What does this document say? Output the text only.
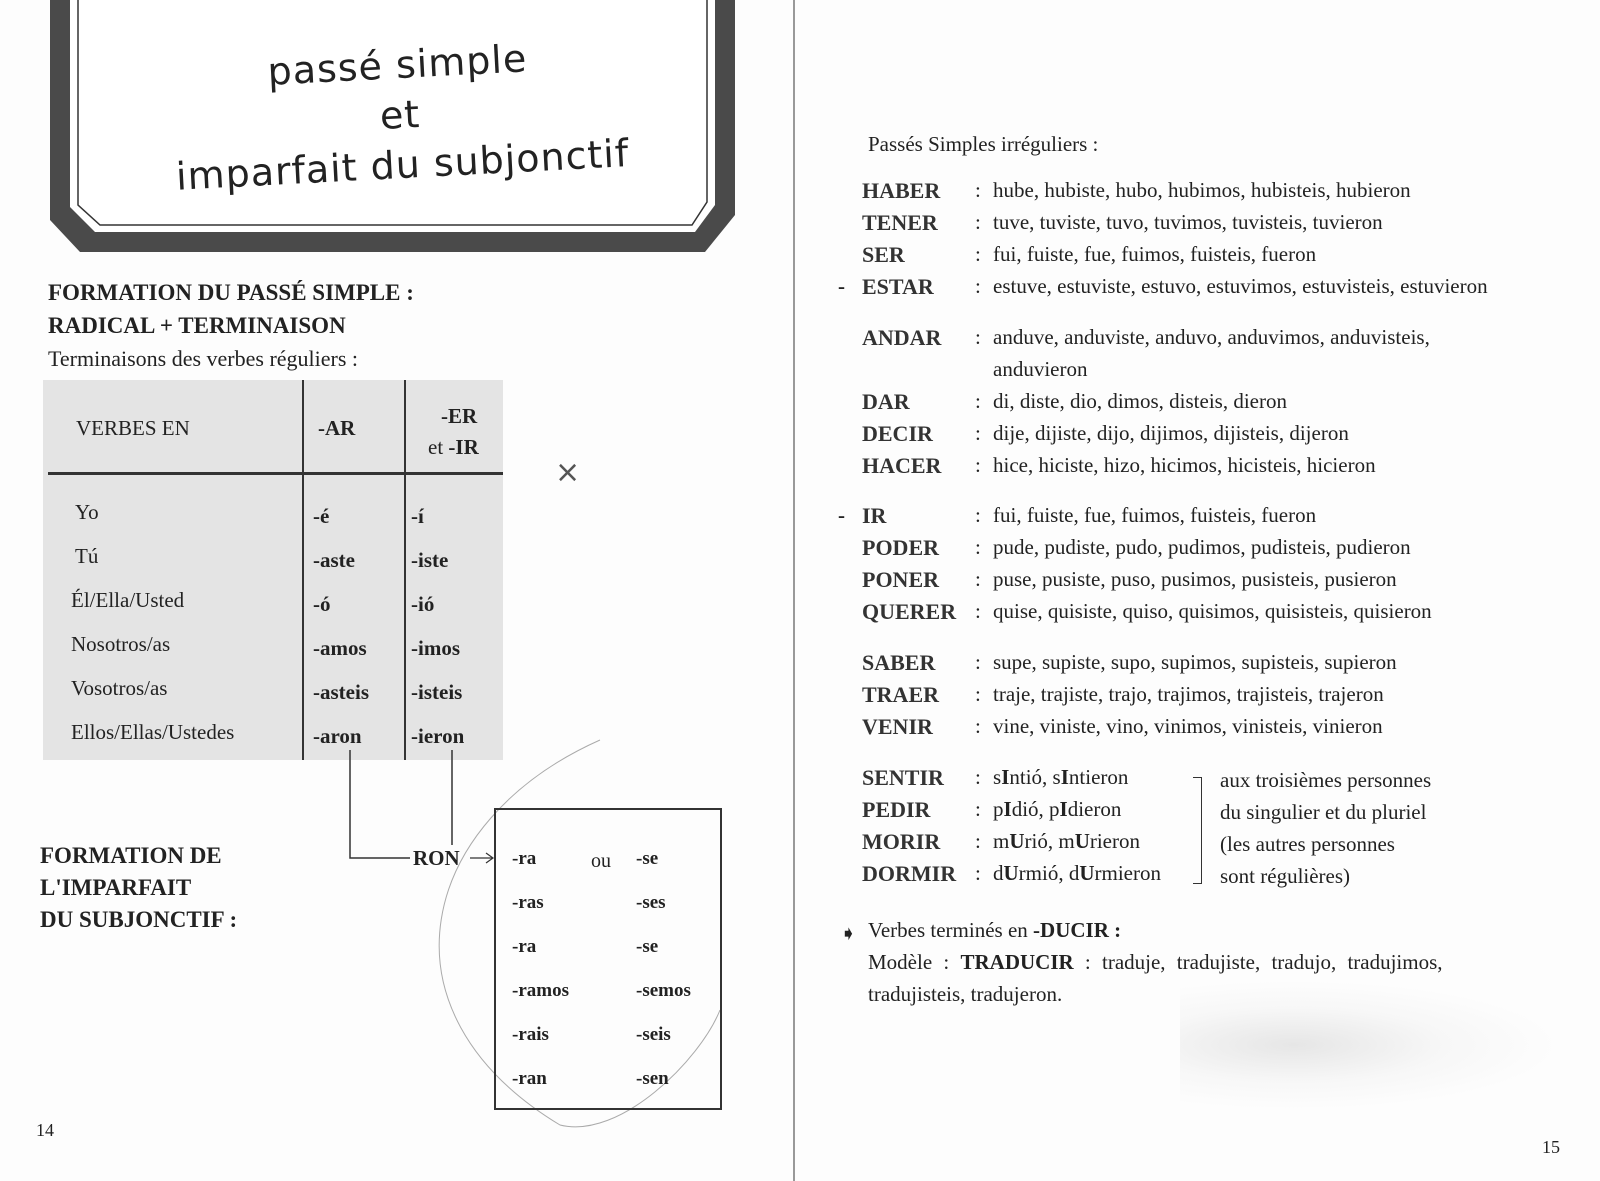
passé simple
et
imparfait du subjonctif
FORMATION DU PASSÉ SIMPLE :
RADICAL + TERMINAISON
Terminaisons des verbes réguliers :
VERBES EN	-AR	-ER
et -IR
Yo	-é	-í
Tú	-aste	-iste
Él/Ella/Usted	-ó	-ió
Nosotros/as	-amos -imos
Vosotros/as	-asteis -isteis
Ellos/Ellas/Ustedes	-aron -ieron
×
RON
FORMATION DE
L'IMPARFAIT
DU SUBJONCTIF :
ou
-ra	-se
-ras	-ses
-ra	-se
-ramos	-semos
-rais	-seis
-ran	-sen
14
Passés Simples irréguliers :
HABER : hube, hubiste, hubo, hubimos, hubisteis, hubieron
TENER : tuve, tuviste, tuvo, tuvimos, tuvisteis, tuvieron
SER	: fui, fuiste, fue, fuimos, fuisteis, fueron
- ESTAR : estuve, estuviste, estuvo, estuvimos, estuvisteis, estuvieron
ANDAR : anduve, anduviste, anduvo, anduvimos, anduvisteis,
anduvieron
DAR	: di, diste, dio, dimos, disteis, dieron
DECIR : dije, dijiste, dijo, dijimos, dijisteis, dijeron
HACER : hice, hiciste, hizo, hicimos, hicisteis, hicieron
- IR	: fui, fuiste, fue, fuimos, fuisteis, fueron
PODER : pude, pudiste, pudo, pudimos, pudisteis, pudieron
PONER : puse, pusiste, puso, pusimos, pusisteis, pusieron
QUERER : quise, quisiste, quiso, quisimos, quisisteis, quisieron
SABER : supe, supiste, supo, supimos, supisteis, supieron
TRAER : traje, trajiste, trajo, trajimos, trajisteis, trajeron
VENIR : vine, viniste, vino, vinimos, vinisteis, vinieron
SENTIR : sIntió, sIntieron
PEDIR : pIdió, pIdieron
MORIR : mUrió, mUrieron
DORMIR : dUrmió, dUrmieron
aux troisièmes personnes
du singulier et du pluriel
(les autres personnes
sont régulières)
➧ Verbes terminés en -DUCIR :
Modèle : TRADUCIR : traduje, tradujiste, tradujo, tradujimos,
tradujisteis, tradujeron.
15
